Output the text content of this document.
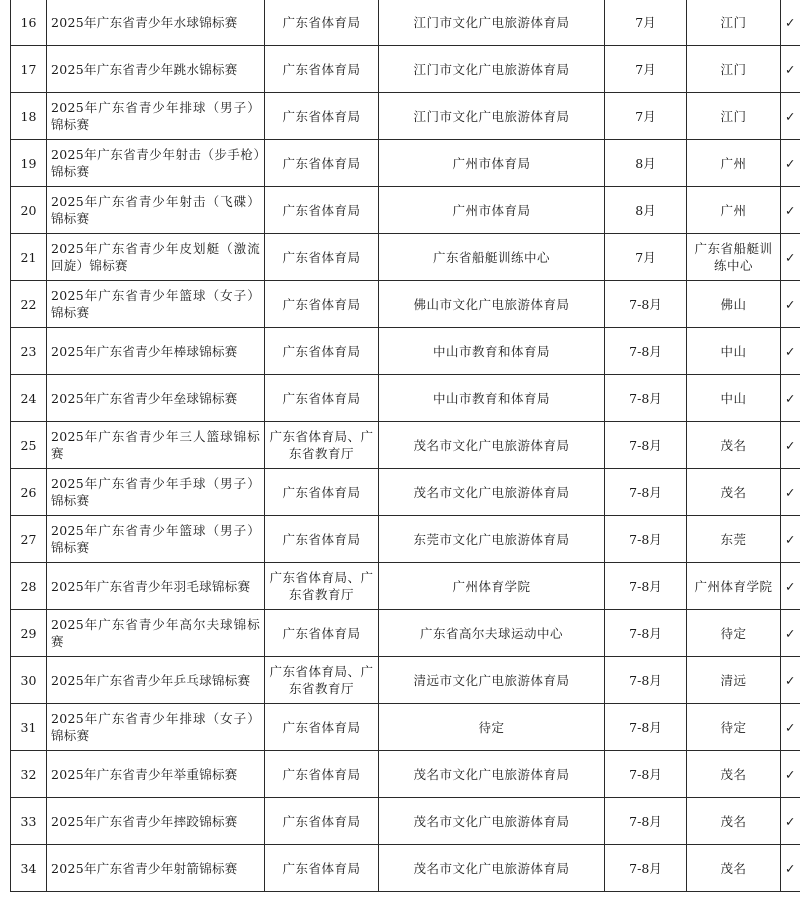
16	2025年广东省青少年水球锦标赛	广东省体育局	江门市文化广电旅游体育局	7月	江门	✓
17	2025年广东省青少年跳水锦标赛	广东省体育局	江门市文化广电旅游体育局	7月	江门	✓
18	2025年广东省青少年排球（男子）锦标赛	广东省体育局	江门市文化广电旅游体育局	7月	江门	✓
19	2025年广东省青少年射击（步手枪）锦标赛	广东省体育局	广州市体育局	8月	广州	✓
20	2025年广东省青少年射击（飞碟）锦标赛	广东省体育局	广州市体育局	8月	广州	✓
21	2025年广东省青少年皮划艇（激流回旋）锦标赛	广东省体育局	广东省船艇训练中心	7月	广东省船艇训练中心	✓
22	2025年广东省青少年篮球（女子）锦标赛	广东省体育局	佛山市文化广电旅游体育局	7-8月	佛山	✓
23	2025年广东省青少年棒球锦标赛	广东省体育局	中山市教育和体育局	7-8月	中山	✓
24	2025年广东省青少年垒球锦标赛	广东省体育局	中山市教育和体育局	7-8月	中山	✓
25	2025年广东省青少年三人篮球锦标赛	广东省体育局、广东省教育厅	茂名市文化广电旅游体育局	7-8月	茂名	✓
26	2025年广东省青少年手球（男子）锦标赛	广东省体育局	茂名市文化广电旅游体育局	7-8月	茂名	✓
27	2025年广东省青少年篮球（男子）锦标赛	广东省体育局	东莞市文化广电旅游体育局	7-8月	东莞	✓
28	2025年广东省青少年羽毛球锦标赛	广东省体育局、广东省教育厅	广州体育学院	7-8月	广州体育学院	✓
29	2025年广东省青少年高尔夫球锦标赛	广东省体育局	广东省高尔夫球运动中心	7-8月	待定	✓
30	2025年广东省青少年乒乓球锦标赛	广东省体育局、广东省教育厅	清远市文化广电旅游体育局	7-8月	清远	✓
31	2025年广东省青少年排球（女子）锦标赛	广东省体育局	待定	7-8月	待定	✓
32	2025年广东省青少年举重锦标赛	广东省体育局	茂名市文化广电旅游体育局	7-8月	茂名	✓
33	2025年广东省青少年摔跤锦标赛	广东省体育局	茂名市文化广电旅游体育局	7-8月	茂名	✓
34	2025年广东省青少年射箭锦标赛	广东省体育局	茂名市文化广电旅游体育局	7-8月	茂名	✓
